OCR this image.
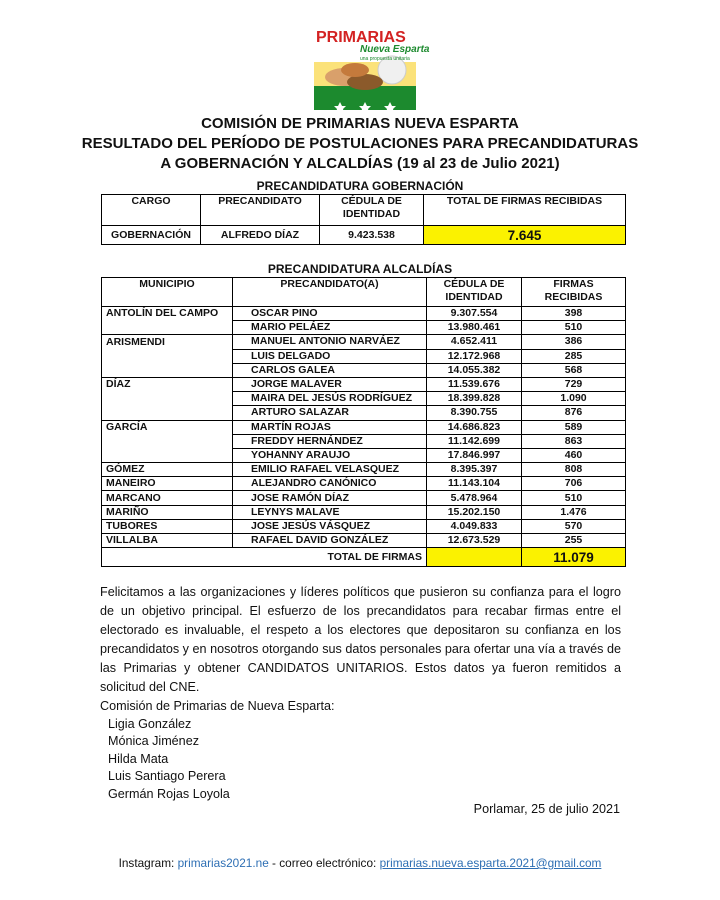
PRIMARIAS
Nueva Esparta
una propuesta unitaria
COMISIÓN DE PRIMARIAS NUEVA ESPARTA
RESULTADO DEL PERÍODO DE POSTULACIONES PARA PRECANDIDATURAS
A GOBERNACIÓN Y ALCALDÍAS (19 al 23 de Julio 2021)
PRECANDIDATURA GOBERNACIÓN
CARGO	PRECANDIDATO	CÉDULA DE IDENTIDAD	TOTAL DE FIRMAS RECIBIDAS
GOBERNACIÓN	ALFREDO DÍAZ	9.423.538	7.645
PRECANDIDATURA ALCALDÍAS
MUNICIPIO	PRECANDIDATO(A)	CÉDULA DE IDENTIDAD	FIRMAS RECIBIDAS
ANTOLÍN DEL CAMPO	OSCAR PINO	9.307.554	398
	MARIO PELÁEZ	13.980.461	510
ARISMENDI	MANUEL ANTONIO NARVÁEZ	4.652.411	386
	LUIS DELGADO	12.172.968	285
	CARLOS GALEA	14.055.382	568
DÍAZ	JORGE MALAVER	11.539.676	729
	MAIRA DEL JESÚS RODRÍGUEZ	18.399.828	1.090
	ARTURO SALAZAR	8.390.755	876
GARCÍA	MARTÍN ROJAS	14.686.823	589
	FREDDY HERNÁNDEZ	11.142.699	863
	YOHANNY ARAUJO	17.846.997	460
GÓMEZ	EMILIO RAFAEL VELASQUEZ	8.395.397	808
MANEIRO	ALEJANDRO CANÓNICO	11.143.104	706
MARCANO	JOSE RAMÓN DÍAZ	5.478.964	510
MARIÑO	LEYNYS MALAVE	15.202.150	1.476
TUBORES	JOSE JESÚS VÁSQUEZ	4.049.833	570
VILLALBA	RAFAEL DAVID GONZÁLEZ	12.673.529	255
TOTAL DE FIRMAS			11.079
Felicitamos a las organizaciones y líderes políticos que pusieron su confianza para el logro de un objetivo principal. El esfuerzo de los precandidatos para recabar firmas entre el electorado es invaluable, el respeto a los electores que depositaron su confianza en los precandidatos y en nosotros otorgando sus datos personales para ofertar una vía a través de las Primarias y obtener CANDIDATOS UNITARIOS. Estos datos ya fueron remitidos a solicitud del CNE.
Comisión de Primarias de Nueva Esparta:
Ligia González
Mónica Jiménez
Hilda Mata
Luis Santiago Perera
Germán Rojas Loyola
Porlamar, 25 de julio 2021
Instagram: primarias2021.ne - correo electrónico: primarias.nueva.esparta.2021@gmail.com
